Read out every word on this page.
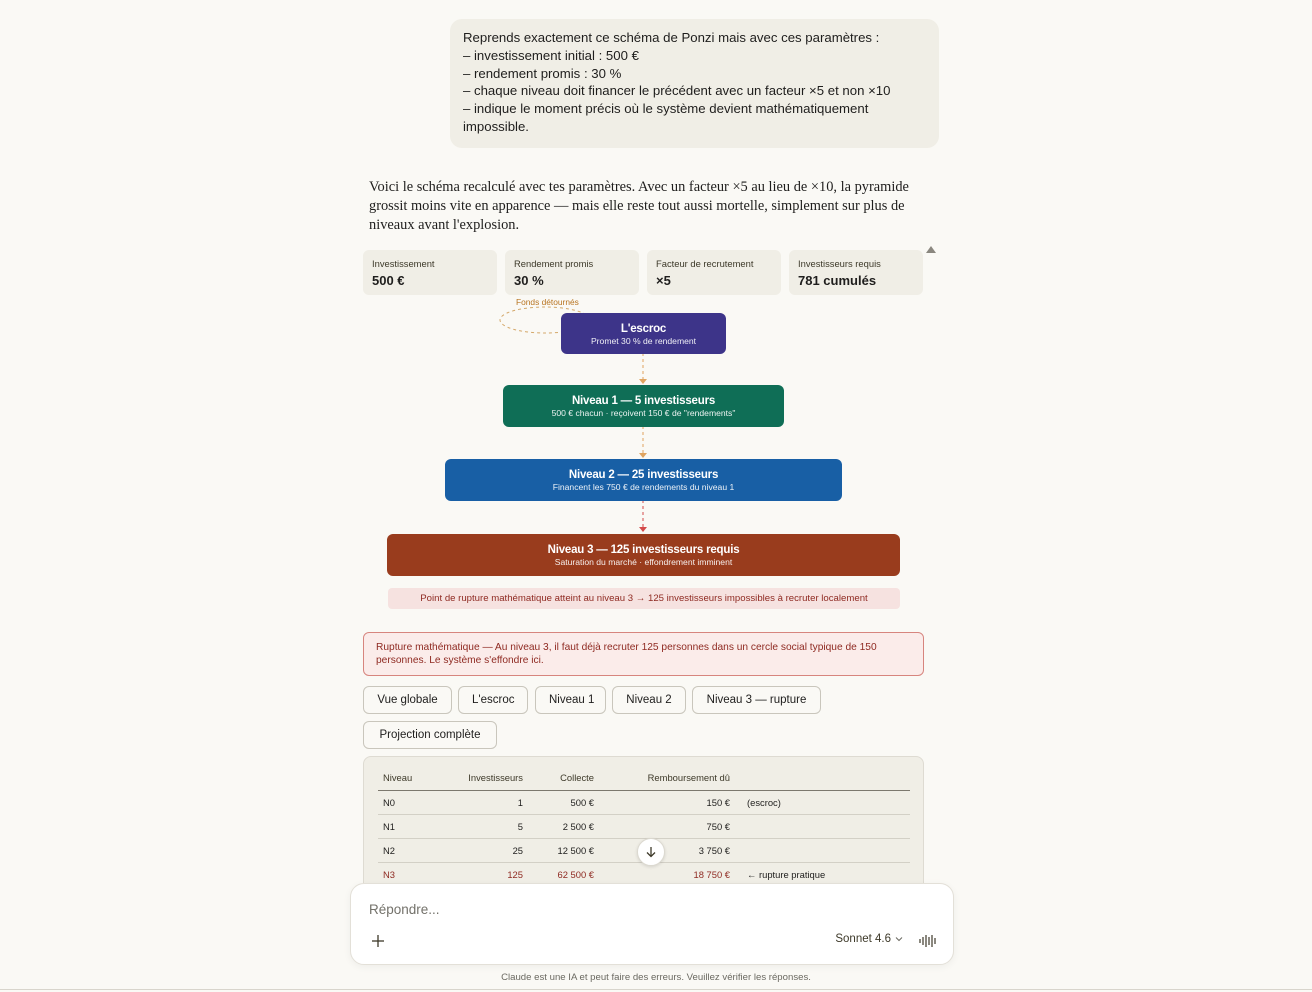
Reprends exactement ce schéma de Ponzi mais avec ces paramètres :
– investissement initial : 500 €
– rendement promis : 30 %
– chaque niveau doit financer le précédent avec un facteur ×5 et non ×10
– indique le moment précis où le système devient mathématiquement impossible.
Voici le schéma recalculé avec tes paramètres. Avec un facteur ×5 au lieu de ×10, la pyramide grossit moins vite en apparence — mais elle reste tout aussi mortelle, simplement sur plus de niveaux avant l'explosion.
Investissement
500 €
Rendement promis
30 %
Facteur de recrutement
×5
Investisseurs requis
781 cumulés
Fonds détournés
L'escroc
Promet 30 % de rendement
Niveau 1 — 5 investisseurs
500 € chacun · reçoivent 150 € de "rendements"
Niveau 2 — 25 investisseurs
Financent les 750 € de rendements du niveau 1
Niveau 3 — 125 investisseurs requis
Saturation du marché · effondrement imminent
Point de rupture mathématique atteint au niveau 3 → 125 investisseurs impossibles à recruter localement
Rupture mathématique — Au niveau 3, il faut déjà recruter 125 personnes dans un cercle social typique de 150 personnes. Le système s'effondre ici.
Vue globale	L'escroc	Niveau 1	Niveau 2	Niveau 3 — rupture
Projection complète
Niveau	Investisseurs	Collecte	Remboursement dû	
N0	1	500 €	150 €	(escroc)
N1	5	2 500 €	750 €	
N2	25	12 500 €	3 750 €	
N3	125	62 500 €	18 750 €	← rupture pratique
Répondre...
Sonnet 4.6
Claude est une IA et peut faire des erreurs. Veuillez vérifier les réponses.
